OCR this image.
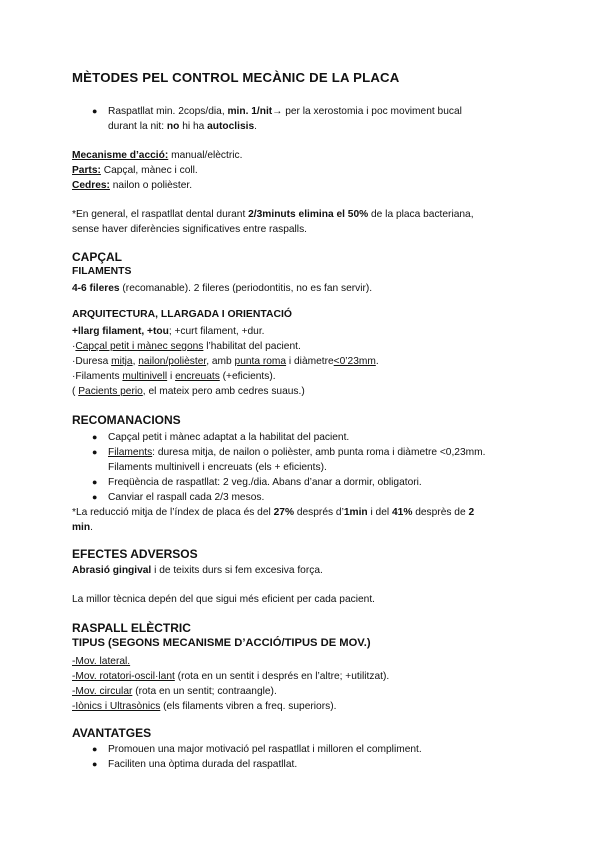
MÈTODES PEL CONTROL MECÀNIC DE LA PLACA
●	Raspatllat min. 2cops/dia, min. 1/nit→ per la xerostomia i poc moviment bucal
durant la nit: no hi ha autoclisis.
Mecanisme d’acció: manual/elèctric.
Parts: Capçal, mànec i coll.
Cedres: nailon o polièster.
*En general, el raspatllat dental durant 2/3minuts elimina el 50% de la placa bacteriana,
sense haver diferències significatives entre raspalls.
CAPÇAL
FILAMENTS
4-6 fileres (recomanable). 2 fileres (periodontitis, no es fan servir).
ARQUITECTURA, LLARGADA I ORIENTACIÓ
+llarg filament, +tou; +curt filament, +dur.
·Capçal petit i mànec segons l’habilitat del pacient.
·Duresa mitja, nailon/polièster, amb punta roma i diàmetre<0’23mm.
·Filaments multinivell i encreuats (+eficients).
( Pacients perio, el mateix pero amb cedres suaus.)
RECOMANACIONS
●	Capçal petit i mànec adaptat a la habilitat del pacient.
●	Filaments: duresa mitja, de nailon o polièster, amb punta roma i diàmetre <0,23mm.
Filaments multinivell i encreuats (els + eficients).
●	Freqüència de raspatllat: 2 veg./dia. Abans d’anar a dormir, obligatori.
●	Canviar el raspall cada 2/3 mesos.
*La reducció mitja de l’índex de placa és del 27% després d’1min i del 41% desprès de 2
min.
EFECTES ADVERSOS
Abrasió gingival i de teixits durs si fem excesiva força.
La millor tècnica depén del que sigui més eficient per cada pacient.
RASPALL ELÈCTRIC
TIPUS (SEGONS MECANISME D’ACCIÓ/TIPUS DE MOV.)
-Mov. lateral.
-Mov. rotatori-oscil·lant (rota en un sentit i després en l’altre; +utilitzat).
-Mov. circular (rota en un sentit; contraangle).
-Iònics i Ultrasònics (els filaments vibren a freq. superiors).
AVANTATGES
●	Promouen una major motivació pel raspatllat i milloren el compliment.
●	Faciliten una òptima durada del raspatllat.
